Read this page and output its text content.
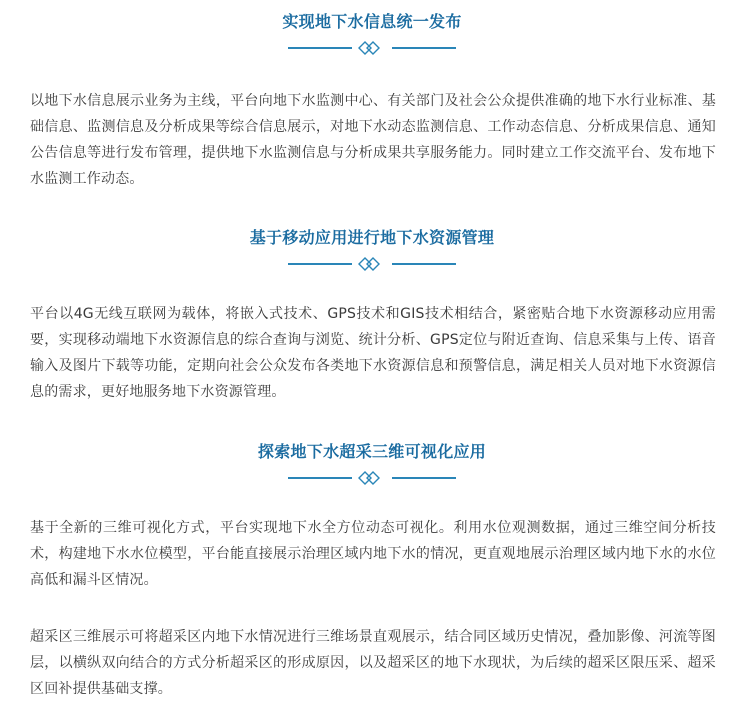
实现地下水信息统一发布
以地下水信息展示业务为主线，平台向地下水监测中心、有关部门及社会公众提供准确的地下水行业标准、基础信息、监测信息及分析成果等综合信息展示，对地下水动态监测信息、工作动态信息、分析成果信息、通知公告信息等进行发布管理，提供地下水监测信息与分析成果共享服务能力。同时建立工作交流平台、发布地下水监测工作动态。
基于移动应用进行地下水资源管理
平台以4G无线互联网为载体，将嵌入式技术、GPS技术和GIS技术相结合，紧密贴合地下水资源移动应用需要，实现移动端地下水资源信息的综合查询与浏览、统计分析、GPS定位与附近查询、信息采集与上传、语音输入及图片下载等功能，定期向社会公众发布各类地下水资源信息和预警信息，满足相关人员对地下水资源信息的需求，更好地服务地下水资源管理。
探索地下水超采三维可视化应用
基于全新的三维可视化方式，平台实现地下水全方位动态可视化。利用水位观测数据，通过三维空间分析技术，构建地下水水位模型，平台能直接展示治理区域内地下水的情况，更直观地展示治理区域内地下水的水位高低和漏斗区情况。
超采区三维展示可将超采区内地下水情况进行三维场景直观展示，结合同区域历史情况，叠加影像、河流等图层，以横纵双向结合的方式分析超采区的形成原因，以及超采区的地下水现状，为后续的超采区限压采、超采区回补提供基础支撑。
